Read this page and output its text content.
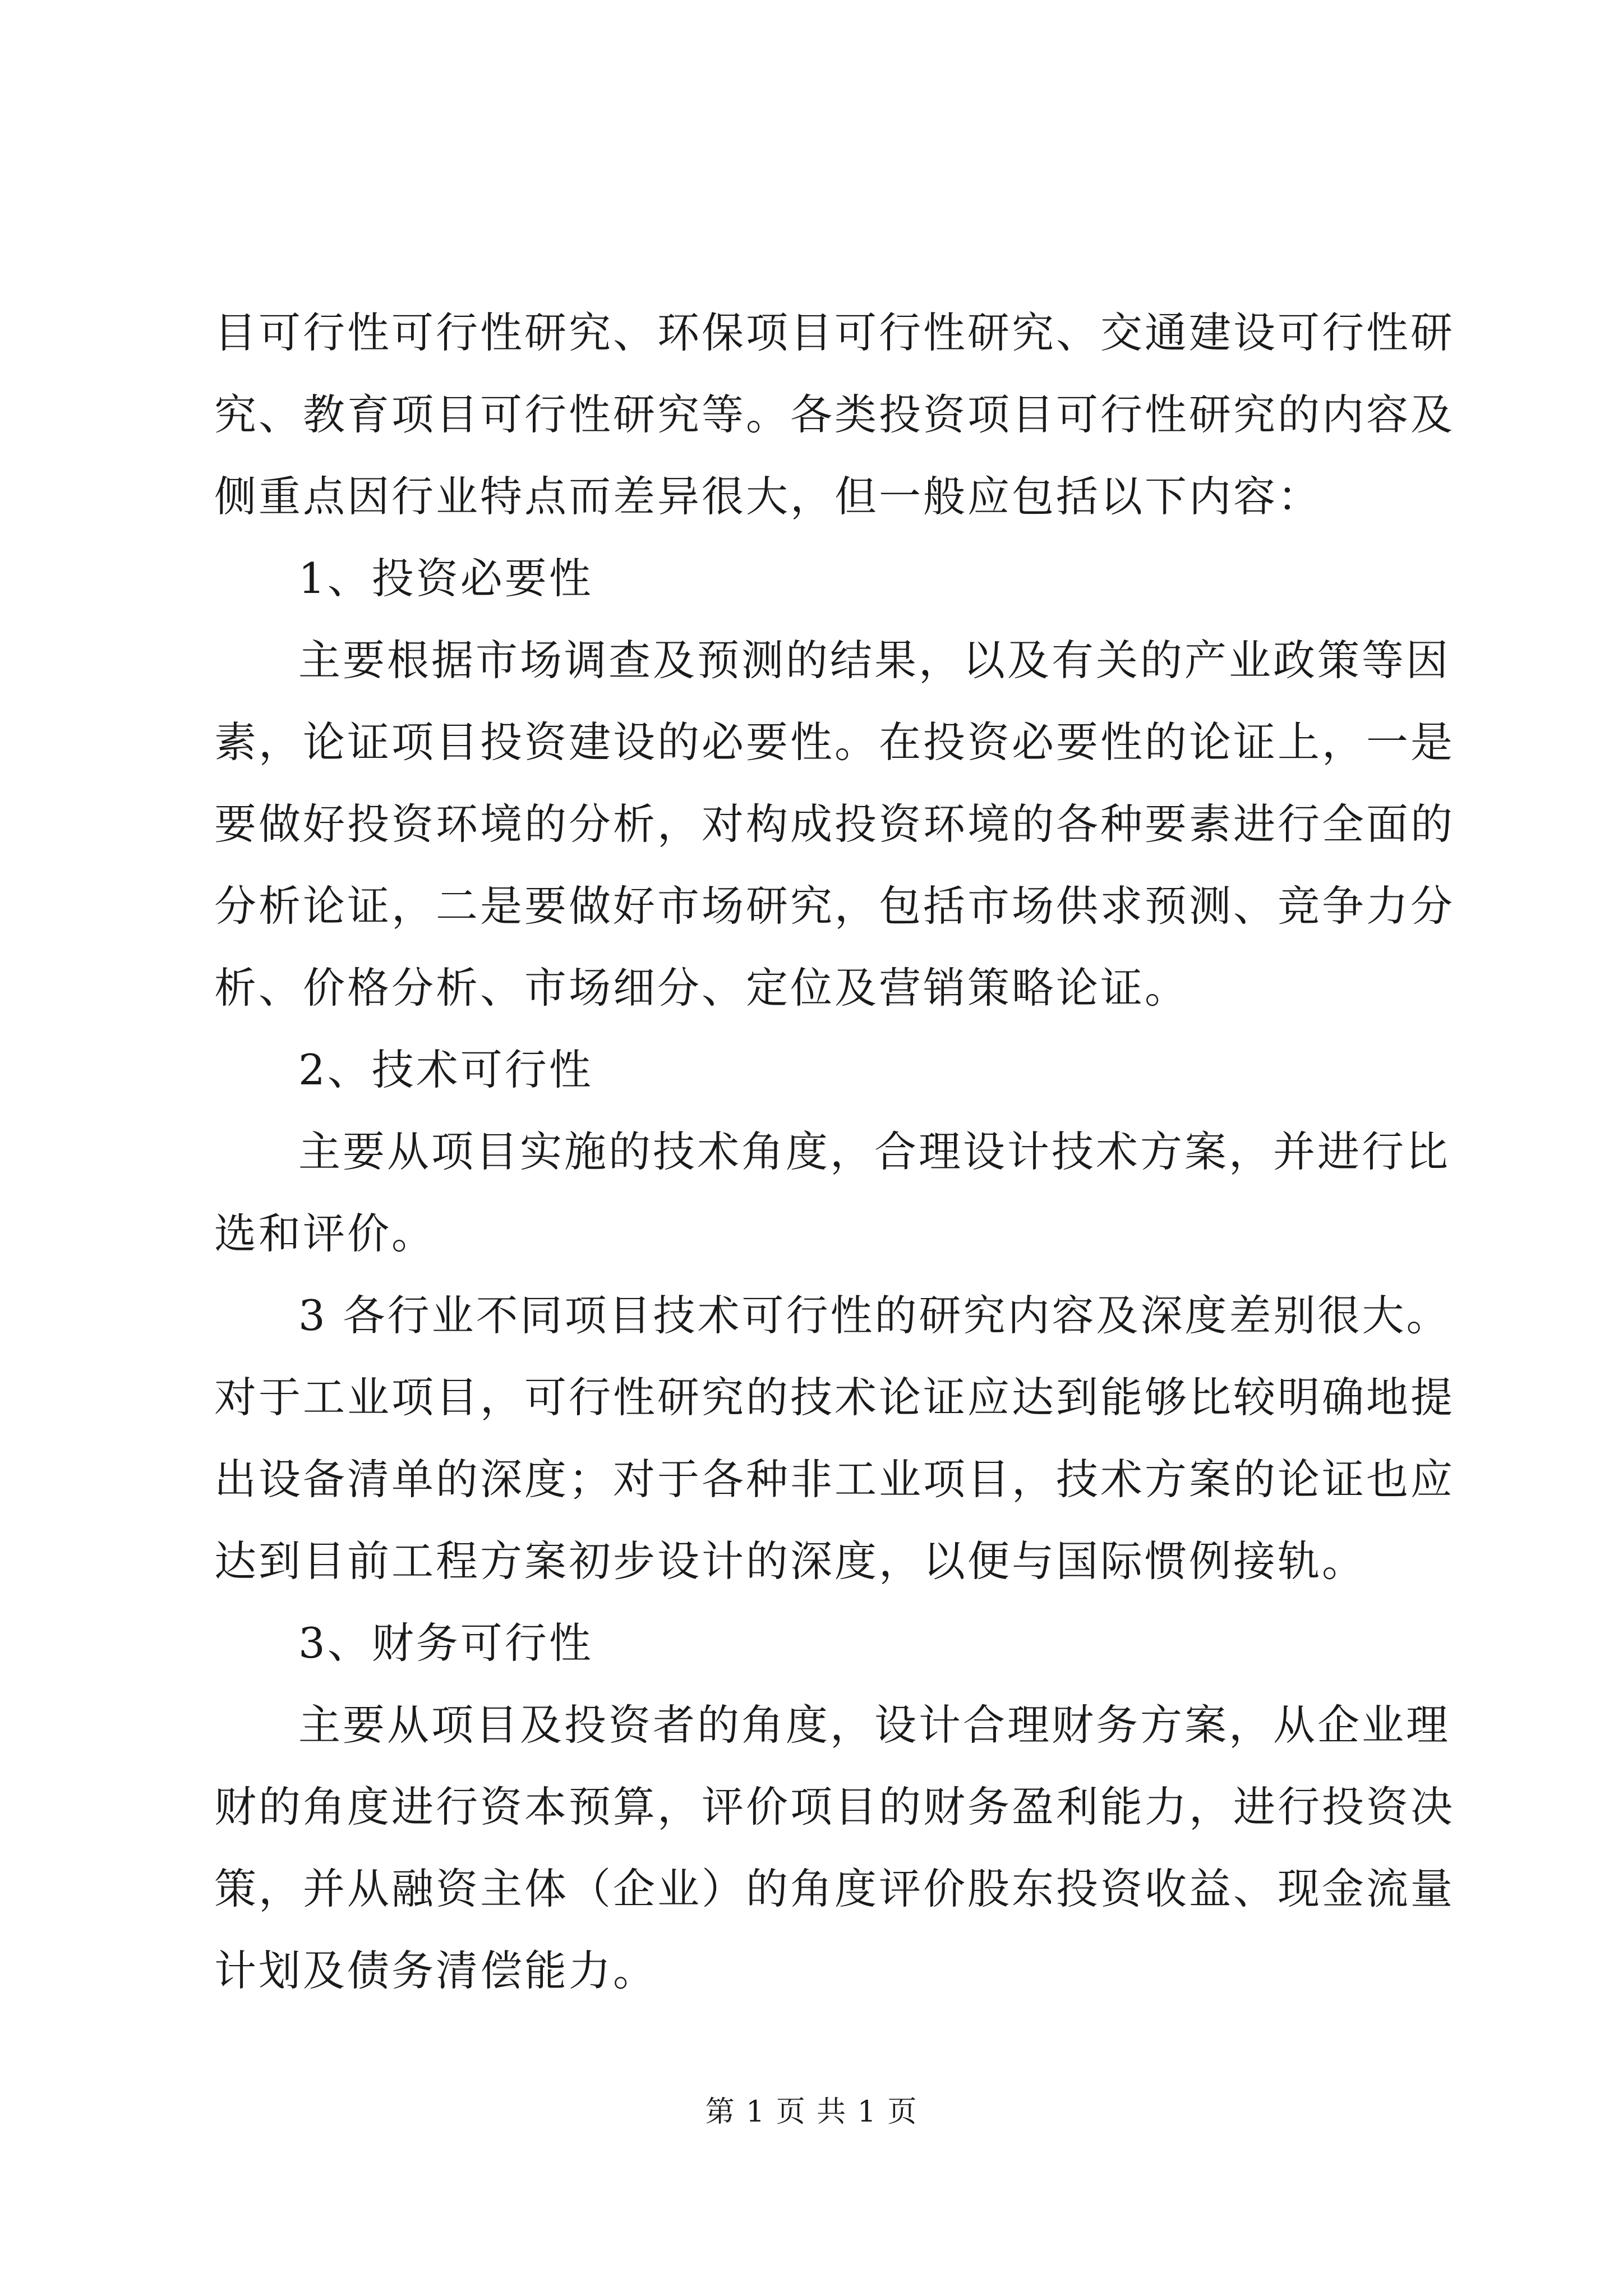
目可行性可行性研究、环保项目可行性研究、交通建设可行性研
究、教育项目可行性研究等。各类投资项目可行性研究的内容及
侧重点因行业特点而差异很大，但一般应包括以下内容：
1、投资必要性
主要根据市场调查及预测的结果，以及有关的产业政策等因
素，论证项目投资建设的必要性。在投资必要性的论证上，一是
要做好投资环境的分析，对构成投资环境的各种要素进行全面的
分析论证，二是要做好市场研究，包括市场供求预测、竞争力分
析、价格分析、市场细分、定位及营销策略论证。
2、技术可行性
主要从项目实施的技术角度，合理设计技术方案，并进行比
选和评价。
3 各行业不同项目技术可行性的研究内容及深度差别很大。
对于工业项目，可行性研究的技术论证应达到能够比较明确地提
出设备清单的深度；对于各种非工业项目，技术方案的论证也应
达到目前工程方案初步设计的深度，以便与国际惯例接轨。
3、财务可行性
主要从项目及投资者的角度，设计合理财务方案，从企业理
财的角度进行资本预算，评价项目的财务盈利能力，进行投资决
策，并从融资主体（企业）的角度评价股东投资收益、现金流量
计划及债务清偿能力。
第 1 页 共 1 页
